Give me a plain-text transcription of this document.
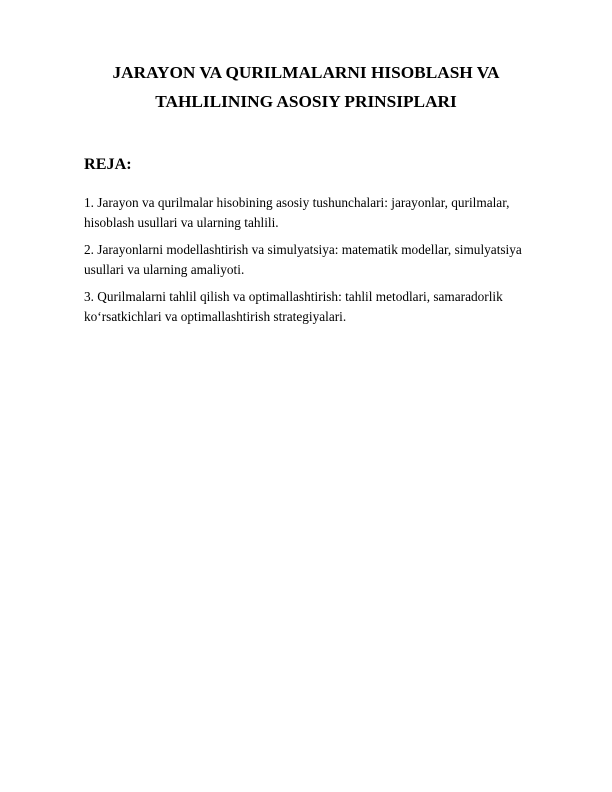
JARAYON VA QURILMALARNI HISOBLASH VA
TAHLILINING ASOSIY PRINSIPLARI
REJA:
1. Jarayon va qurilmalar hisobining asosiy tushunchalari: jarayonlar, qurilmalar,
hisoblash usullari va ularning tahlili.
2. Jarayonlarni modellashtirish va simulyatsiya: matematik modellar, simulyatsiya
usullari va ularning amaliyoti.
3. Qurilmalarni tahlil qilish va optimallashtirish: tahlil metodlari, samaradorlik
ko‘rsatkichlari va optimallashtirish strategiyalari.
